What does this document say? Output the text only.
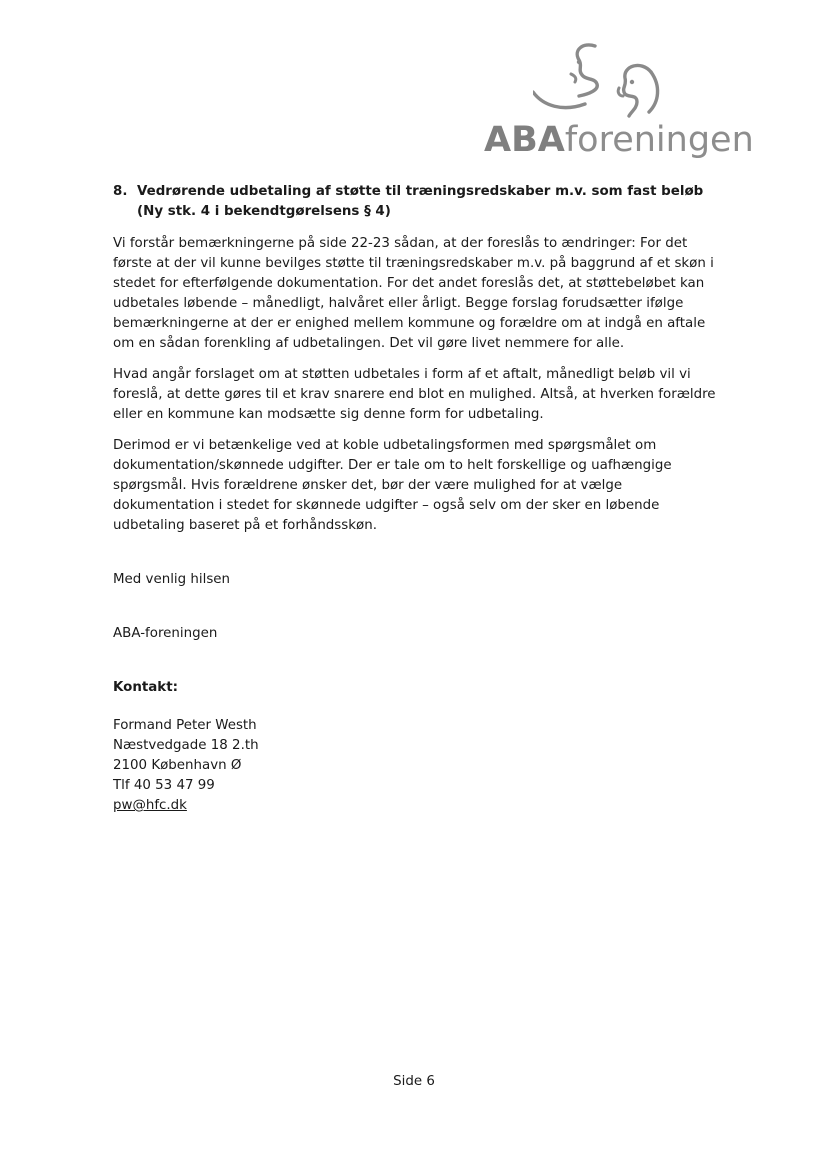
ABAforeningen
8. Vedrørende udbetaling af støtte til træningsredskaber m.v. som fast beløb (Ny stk. 4 i bekendtgørelsens § 4)

Vi forstår bemærkningerne på side 22-23 sådan, at der foreslås to ændringer: For det første at der vil kunne bevilges støtte til træningsredskaber m.v. på baggrund af et skøn i stedet for efterfølgende dokumentation. For det andet foreslås det, at støttebeløbet kan udbetales løbende – månedligt, halvåret eller årligt. Begge forslag forudsætter ifølge bemærkningerne at der er enighed mellem kommune og forældre om at indgå en aftale om en sådan forenkling af udbetalingen. Det vil gøre livet nemmere for alle.

Hvad angår forslaget om at støtten udbetales i form af et aftalt, månedligt beløb vil vi foreslå, at dette gøres til et krav snarere end blot en mulighed. Altså, at hverken forældre eller en kommune kan modsætte sig denne form for udbetaling.

Derimod er vi betænkelige ved at koble udbetalingsformen med spørgsmålet om dokumentation/skønnede udgifter. Der er tale om to helt forskellige og uafhængige spørgsmål. Hvis forældrene ønsker det, bør der være mulighed for at vælge dokumentation i stedet for skønnede udgifter – også selv om der sker en løbende udbetaling baseret på et forhåndsskøn.

Med venlig hilsen
ABA-foreningen
Kontakt:
Formand Peter Westh
Næstvedgade 18 2.th
2100 København Ø
Tlf 40 53 47 99
pw@hfc.dk
Side 6
